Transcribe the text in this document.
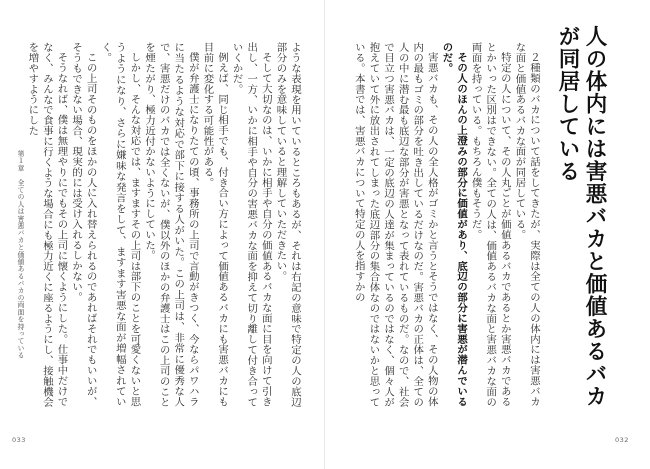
ような表現を用いているところもあるが、それは右記の意味で特定の人の底辺部分のみを意味していると理解していただきたい。

そして大切なのは、いかに相手や自分の価値あるバカな面に目を向けて引き出し、一方、いかに相手や自分の害悪バカな面を抑えて切り離して付き合っていくかだ。

例えば、同じ相手でも、付き合い方によって価値あるバカにも害悪バカにも目前に変化する可能性がある。

僕が弁護士になりたての頃、事務所の上司で言動がきつく、今ならパワハラに当たるような対応で部下に接する人がいた。この上司は、非常に優秀な人で、害悪だけのバカでは全くないが、僕以外のほかの弁護士はこの上司のことを煙たがり、極力近付かないようにしていた。

しかし、そんな対応では、ますますその上司は部下のことを可愛くないと思うようになり、さらに嫌味な発言をして、ますます害悪な面が増幅されていく。

この上司そのものをほかの人に入れ替えられるのであればそれでもいいが、そうもできない場合、現実的には受け入れるしかない。

そうなれば、僕は無理やりにでもその上司に懐くようにした。仕事中だけでなく、みんなで食事に行くような場合にも極力近くに座るようにし、接触機会を増やすようにした

第１章　全ての人は害悪バカと価値あるバカの両面を持っている
033
人の体内には害悪バカと価値あるバカが同居している

２種類のバカについて話をしてきたが、実際は全ての人の体内には害悪バカな面と価値あるバカな面が同居している。

特定の人について、その人丸ごとが価値あるバカであるとか害悪バカであるとかいった区別はできない。全ての人は、価値あるバカな面と害悪バカな面の両面を持っている。もちろん僕もそうだ。

その人のほんの上澄みの部分に価値があり、底辺の部分に害悪が潜んでいるのだ。

害悪バカも、その人の全人格がゴミかと言うとそうではなく、その人物の体内の最もゴミの部分を吐き出しているだけなのだ。害悪バカの正体は、全ての人の中に潜む最も底辺な部分が害悪となって表れているものだ。なので、社会で目立つ害悪バカは、一定の底辺の人達が集まっているのではなく、個々人が抱えていて外に放出されてしまった底辺部分の集合体なのではないかと思っている。本書では、害悪バカについて特定の人を指すかの

032
